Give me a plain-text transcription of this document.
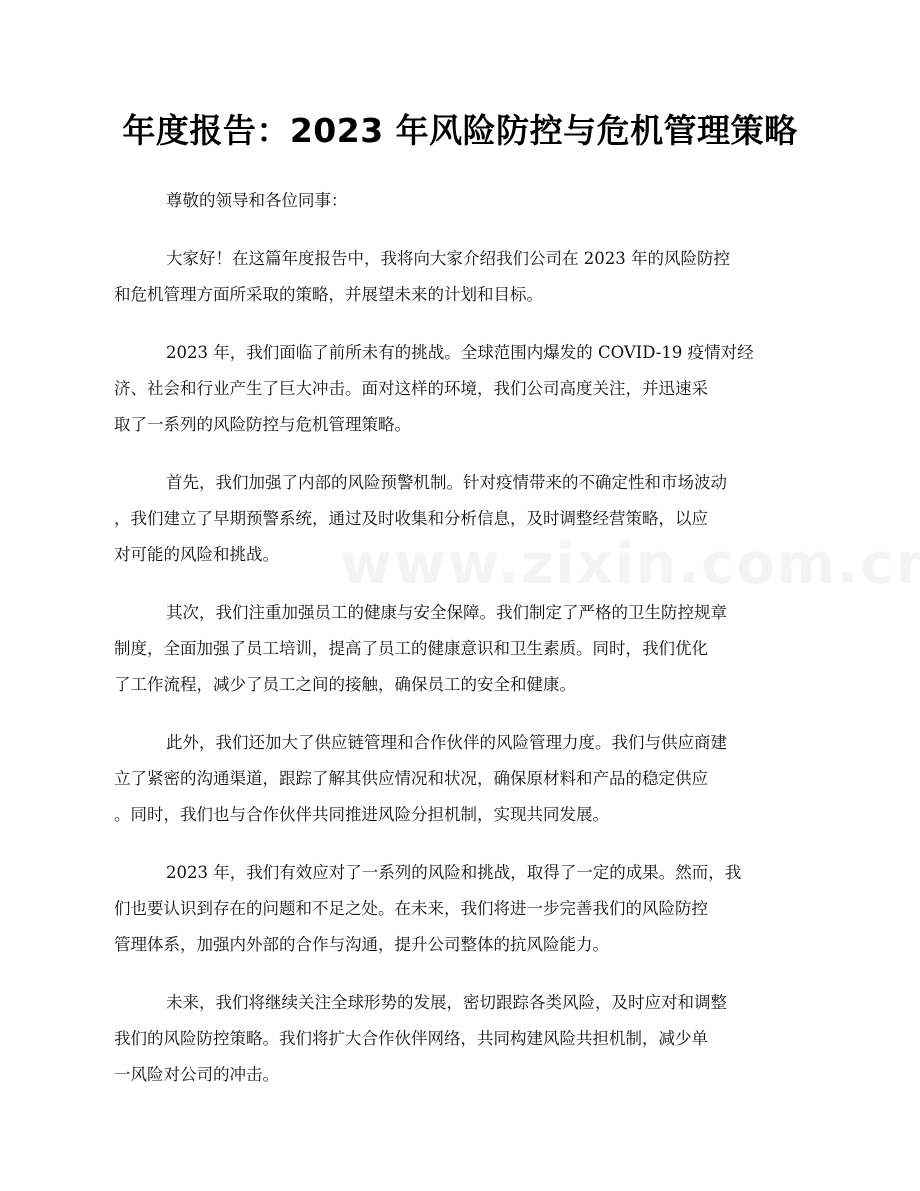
年度报告：2023 年风险防控与危机管理策略

尊敬的领导和各位同事：

大家好！在这篇年度报告中，我将向大家介绍我们公司在 2023 年的风险防控
和危机管理方面所采取的策略，并展望未来的计划和目标。

2023 年，我们面临了前所未有的挑战。全球范围内爆发的 COVID-19 疫情对经
济、社会和行业产生了巨大冲击。面对这样的环境，我们公司高度关注，并迅速采
取了一系列的风险防控与危机管理策略。

首先，我们加强了内部的风险预警机制。针对疫情带来的不确定性和市场波动
，我们建立了早期预警系统，通过及时收集和分析信息，及时调整经营策略，以应
对可能的风险和挑战。

其次，我们注重加强员工的健康与安全保障。我们制定了严格的卫生防控规章
制度，全面加强了员工培训，提高了员工的健康意识和卫生素质。同时，我们优化
了工作流程，减少了员工之间的接触，确保员工的安全和健康。

此外，我们还加大了供应链管理和合作伙伴的风险管理力度。我们与供应商建
立了紧密的沟通渠道，跟踪了解其供应情况和状况，确保原材料和产品的稳定供应
。同时，我们也与合作伙伴共同推进风险分担机制，实现共同发展。

2023 年，我们有效应对了一系列的风险和挑战，取得了一定的成果。然而，我
们也要认识到存在的问题和不足之处。在未来，我们将进一步完善我们的风险防控
管理体系，加强内外部的合作与沟通，提升公司整体的抗风险能力。

未来，我们将继续关注全球形势的发展，密切跟踪各类风险，及时应对和调整
我们的风险防控策略。我们将扩大合作伙伴网络，共同构建风险共担机制，减少单
一风险对公司的冲击。
